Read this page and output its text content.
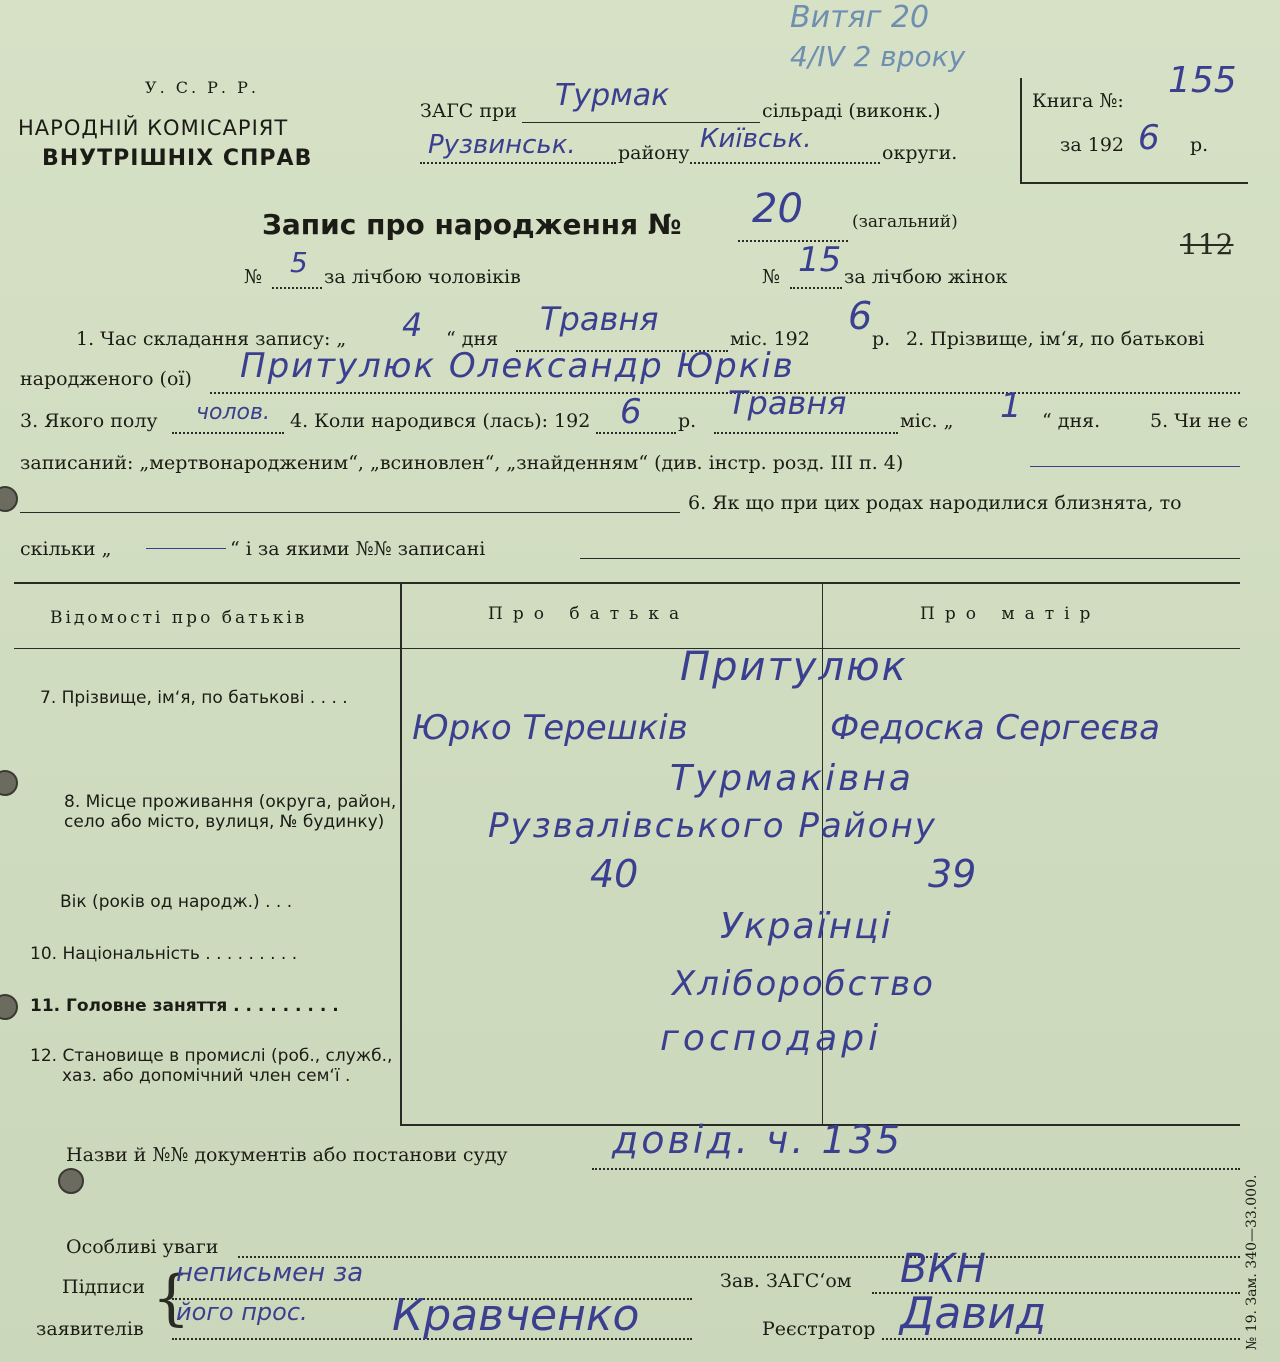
У. С. Р. Р.
НАРОДНІЙ КОМІСАРІЯТ
ВНУТРІШНІХ СПРАВ
ЗАГС при Турмак	сільраді (виконк.)
Рузвинськ. району Київськ.	округи.
Книга №: 155
за 192 6 р.
Витяг 20
4/IV 2 вроку
112
Запис про народження № 20	(загальний)
№ 5 за лічбою чоловіків	№ 15 за лічбою жінок
1. Час складання запису: „ 4 “ дня
Травня
міс. 192
6
р. 2. Прізвище, ім‘я, по батькові
народженого (ої) Притулюк Олександр Юрків
3. Якого полу чолов. 4. Коли народився (лась): 192 6 р. Травня	міс. „ 1 “ дня.	5. Чи не є
записаний: „мертвонародженим“, „всиновлен“, „знайденням“ (див. інстр. розд. III п. 4)
6. Як що при цих родах народилися близнята, то
скільки „	“ і за якими №№ записані
Відомості про батьків	Про батька	Про матір
7. Прізвище, ім‘я, по батькові . . . .
Притулюк
Юрко Терешків	Федоска Сергеєва
8. Місце проживання (округа, район,
село або місто, вулиця, № будинку)
Турмаківна
Рузвалівського Району
Вік (років од народж.) . . .
40	39
10. Національність . . . . . . . . .
Українці
11. Головне заняття . . . . . . . . .
Хліборобство
12. Становище в промислі (роб., служб.,
хаз. або допомічний член сем‘ї .
господарі
Назви й №№ документів або постанови суду	довід. ч. 135
Особливі уваги
Підписи
заявителів {
неписьмен за
його прос. Кравченко
Зав. ЗАГС‘ом ВКН
Реєстратор Давид	№ 19. Зам. 340—33.000.
